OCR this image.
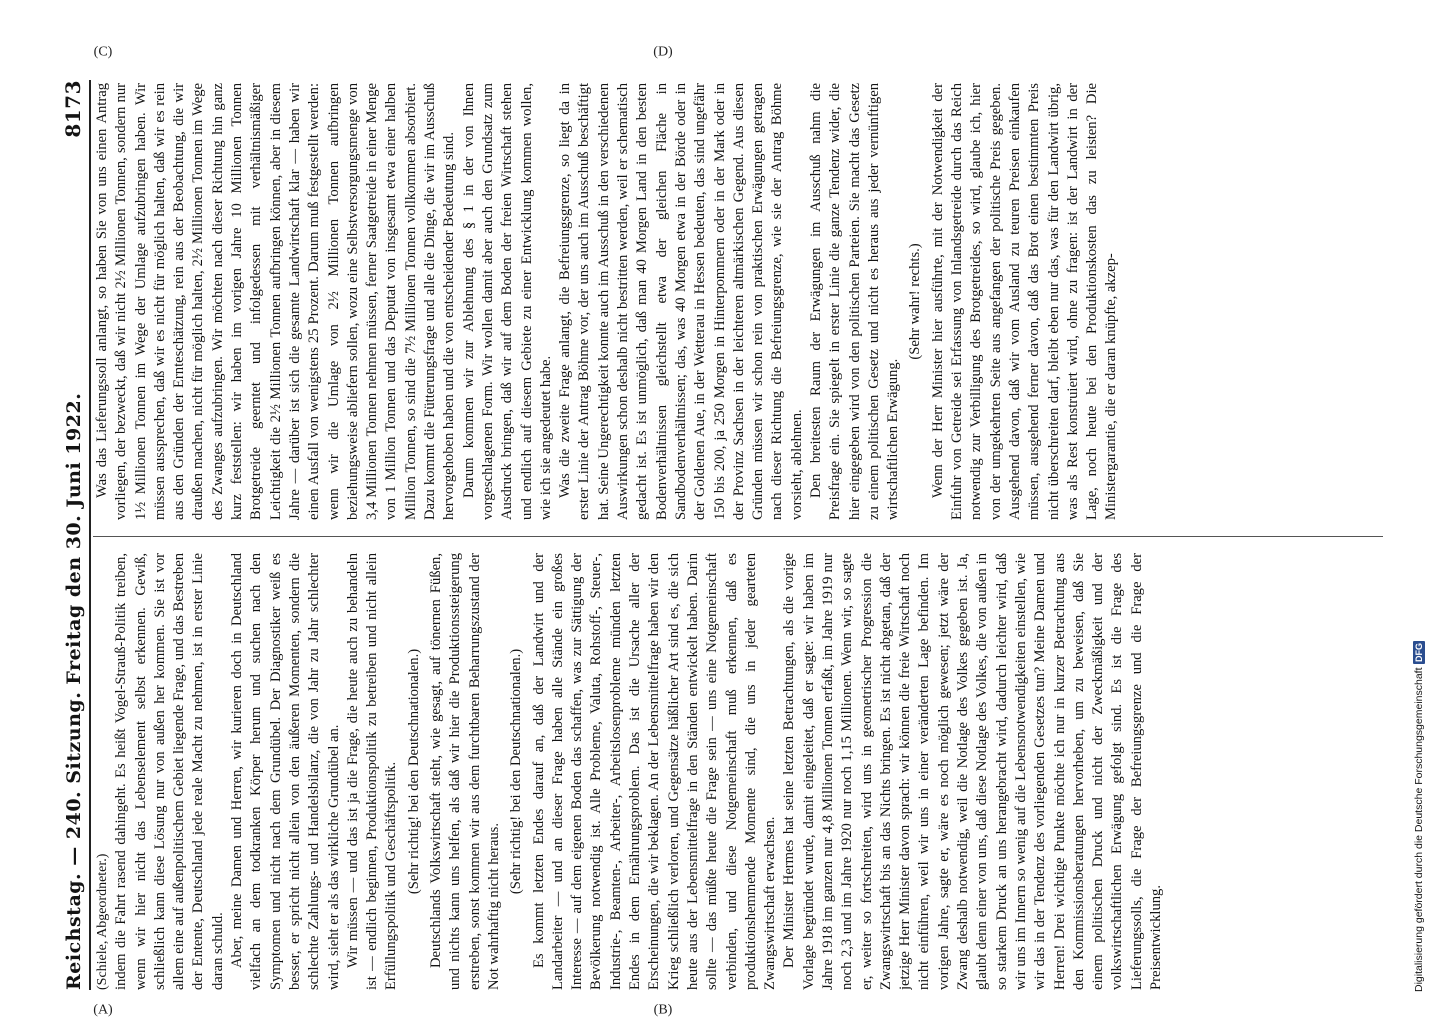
Reichstag. — 240. Sitzung. Freitag den 30. Juni 1922.
8173

(Schiele, Abgeordneter.) indem die Fahrt rasend dahingeht. Es heißt Vogel-Strauß-Politik treiben, wenn wir hier nicht das Lebenselement selbst erkennen. Gewiß, schließlich kann diese Lösung nur von außen her kommen. Sie ist vor allem eine auf außenpolitischem Gebiet liegende Frage, und das Bestreben der Entente, Deutschland jede reale Macht zu nehmen, ist in erster Linie daran schuld. Aber, meine Damen und Herren, wir kurieren doch in Deutschland vielfach an dem todkranken Körper herum und suchen nach den Symptomen und nicht nach dem Grundübel. Der Diagnostiker weiß es besser, er spricht nicht allein von den äußeren Momenten, sondern die schlechte Zahlungs- und Handelsbilanz, die von Jahr zu Jahr schlechter wird, sieht er als das wirkliche Grundübel an. Wir müssen — und das ist ja die Frage, die heute auch zu behandeln ist — endlich beginnen, Produktionspolitik zu betreiben und nicht allein Erfüllungspolitik und Geschäftspolitik. (Sehr richtig! bei den Deutschnationalen.) Deutschlands Volkswirtschaft steht, wie gesagt, auf tönernen Füßen, und nichts kann uns helfen, als daß wir hier die Produktionssteigerung erstreben, sonst kommen wir aus dem furchtbaren Beharrungszustand der Not wahrhaftig nicht heraus.

(Sehr richtig! bei den Deutschnationalen.) Es kommt letzten Endes darauf an, daß der Landwirt und der Landarbeiter — und an dieser Frage haben alle Stände ein großes Interesse — auf dem eigenen Boden das schaffen, was zur Sättigung der Bevölkerung notwendig ist. Alle Probleme, Valuta, Rohstoff-, Steuer-, Industrie-, Beamten-, Arbeiter-, Arbeitslosenprobleme münden letzten Endes in dem Ernährungsproblem. Das ist die Ursache aller der Erscheinungen, die wir beklagen. An der Lebensmittelfrage haben wir den Krieg schließlich verloren, und Gegensätze häßlicher Art sind es, die sich heute aus der Lebensmittelfrage in den Ständen entwickelt haben. Darin sollte — das müßte heute die Frage sein — uns eine Notgemeinschaft verbinden, und diese Notgemeinschaft muß erkennen, daß es produktionshemmende Momente sind, die uns in jeder gearteten Zwangswirtschaft erwachsen. Der Minister Hermes hat seine letzten Betrachtungen, als die vorige Vorlage begründet wurde, damit eingeleitet, daß er sagte: wir haben im Jahre 1918 im ganzen nur 4,8 Millionen Tonnen erfaßt, im Jahre 1919 nur noch 2,3 und im Jahre 1920 nur noch 1,15 Millionen. Wenn wir, so sagte er, weiter so fortschreiten, wird uns in geometrischer Progression die Zwangswirtschaft bis an das Nichts bringen. Es ist nicht abgetan, daß der jetzige Herr Minister davon sprach: wir können die freie Wirtschaft noch nicht einführen, weil wir uns in einer veränderten Lage befinden. Im vorigen Jahre, sagte er, wäre es noch möglich gewesen; jetzt wäre der Zwang deshalb notwendig, weil die Notlage des Volkes gegeben ist. Ja, glaubt denn einer von uns, daß diese Notlage des Volkes, die von außen in so starkem Druck an uns herangebracht wird, dadurch leichter wird, daß wir uns im Innern so wenig auf die Lebensnotwendigkeiten einstellen, wie wir das in der Tendenz des vorliegenden Gesetzes tun? Meine Damen und Herren! Drei wichtige Punkte möchte ich nur in kurzer Betrachtung aus den Kommissionsberatungen hervorheben, um zu beweisen, daß Sie einem politischen Druck und nicht der Zweckmäßigkeit und der volkswirtschaftlichen Erwägung gefolgt sind. Es ist die Frage des Lieferungssolls, die Frage der Befreiungsgrenze und die Frage der Preisentwicklung.

Was das Lieferungssoll anlangt, so haben Sie von uns einen Antrag vorliegen, der bezweckt, daß wir nicht 2½ Millionen Tonnen, sondern nur 1½ Millionen Tonnen im Wege der Umlage aufzubringen haben. Wir müssen aussprechen, daß wir es nicht für möglich halten, daß wir es rein aus den Gründen der Ernteschätzung, rein aus der Beobachtung, die wir draußen machen, nicht für möglich halten, 2½ Millionen Tonnen im Wege des Zwanges aufzubringen. Wir möchten nach dieser Richtung hin ganz kurz feststellen: wir haben im vorigen Jahre 10 Millionen Tonnen Brotgetreide geerntet und infolgedessen mit verhältnismäßiger Leichtigkeit die 2½ Millionen Tonnen aufbringen können, aber in diesem Jahre — darüber ist sich die gesamte Landwirtschaft klar — haben wir einen Ausfall von wenigstens 25 Prozent. Darum muß festgestellt werden: wenn wir die Umlage von 2½ Millionen Tonnen aufbringen beziehungsweise abliefern sollen, wozu eine Selbstversorgungsmenge von 3,4 Millionen Tonnen nehmen müssen, ferner Saatgetreide in einer Menge von 1 Million Tonnen und das Deputat von insgesamt etwa einer halben Million Tonnen, so sind die 7½ Millionen Tonnen vollkommen absorbiert. Dazu kommt die Fütterungsfrage und alle die Dinge, die wir im Ausschuß hervorgehoben haben und die von entscheidender Bedeutung sind. Darum kommen wir zur Ablehnung des § 1 in der von Ihnen vorgeschlagenen Form. Wir wollen damit aber auch den Grundsatz zum Ausdruck bringen, daß wir auf dem Boden der freien Wirtschaft stehen und endlich auf diesem Gebiete zu einer Entwicklung kommen wollen, wie ich sie angedeutet habe. Was die zweite Frage anlangt, die Befreiungsgrenze, so liegt da in erster Linie der Antrag Böhme vor, der uns auch im Ausschuß beschäftigt hat. Seine Ungerechtigkeit konnte auch im Ausschuß in den verschiedenen Auswirkungen schon deshalb nicht bestritten werden, weil er schematisch gedacht ist. Es ist unmöglich, daß man 40 Morgen Land in den besten Bodenverhältnissen gleichstellt etwa der gleichen Fläche in Sandbodenverhältnissen; das, was 40 Morgen etwa in der Börde oder in der Goldenen Aue, in der Wetterau in Hessen bedeuten, das sind ungefähr 150 bis 200, ja 250 Morgen in Hinterpommern oder in der Mark oder in der Provinz Sachsen in der leichteren altmärkischen Gegend. Aus diesen Gründen müssen wir schon rein von praktischen Erwägungen getragen nach dieser Richtung die Befreiungsgrenze, wie sie der Antrag Böhme vorsieht, ablehnen. Den breitesten Raum der Erwägungen im Ausschuß nahm die Preisfrage ein. Sie spiegelt in erster Linie die ganze Tendenz wider, die hier eingegeben wird von den politischen Parteien. Sie macht das Gesetz zu einem politischen Gesetz und nicht es heraus aus jeder vernünftigen wirtschaftlichen Erwägung.

(Sehr wahr! rechts.) Wenn der Herr Minister hier ausführte, mit der Notwendigkeit der Einfuhr von Getreide sei Erfassung von Inlandsgetreide durch das Reich notwendig zur Verbilligung des Brotgetreides, so wird, glaube ich, hier von der umgekehrten Seite aus angefangen der politische Preis gegeben. Ausgehend davon, daß wir vom Ausland zu teuren Preisen einkaufen müssen, ausgehend ferner davon, daß das Brot einen bestimmten Preis nicht überschreiten darf, bleibt eben nur das, was für den Landwirt übrig, was als Rest konstruiert wird, ohne zu fragen: ist der Landwirt in der Lage, noch heute bei den Produktionskosten das zu leisten? Die Ministergarantie, die er daran knüpfte, akzep-

(A)	(B)
(C)	(D)
Digitalisierung gefördert durch die Deutsche Forschungsgemeinschaft
DFG
